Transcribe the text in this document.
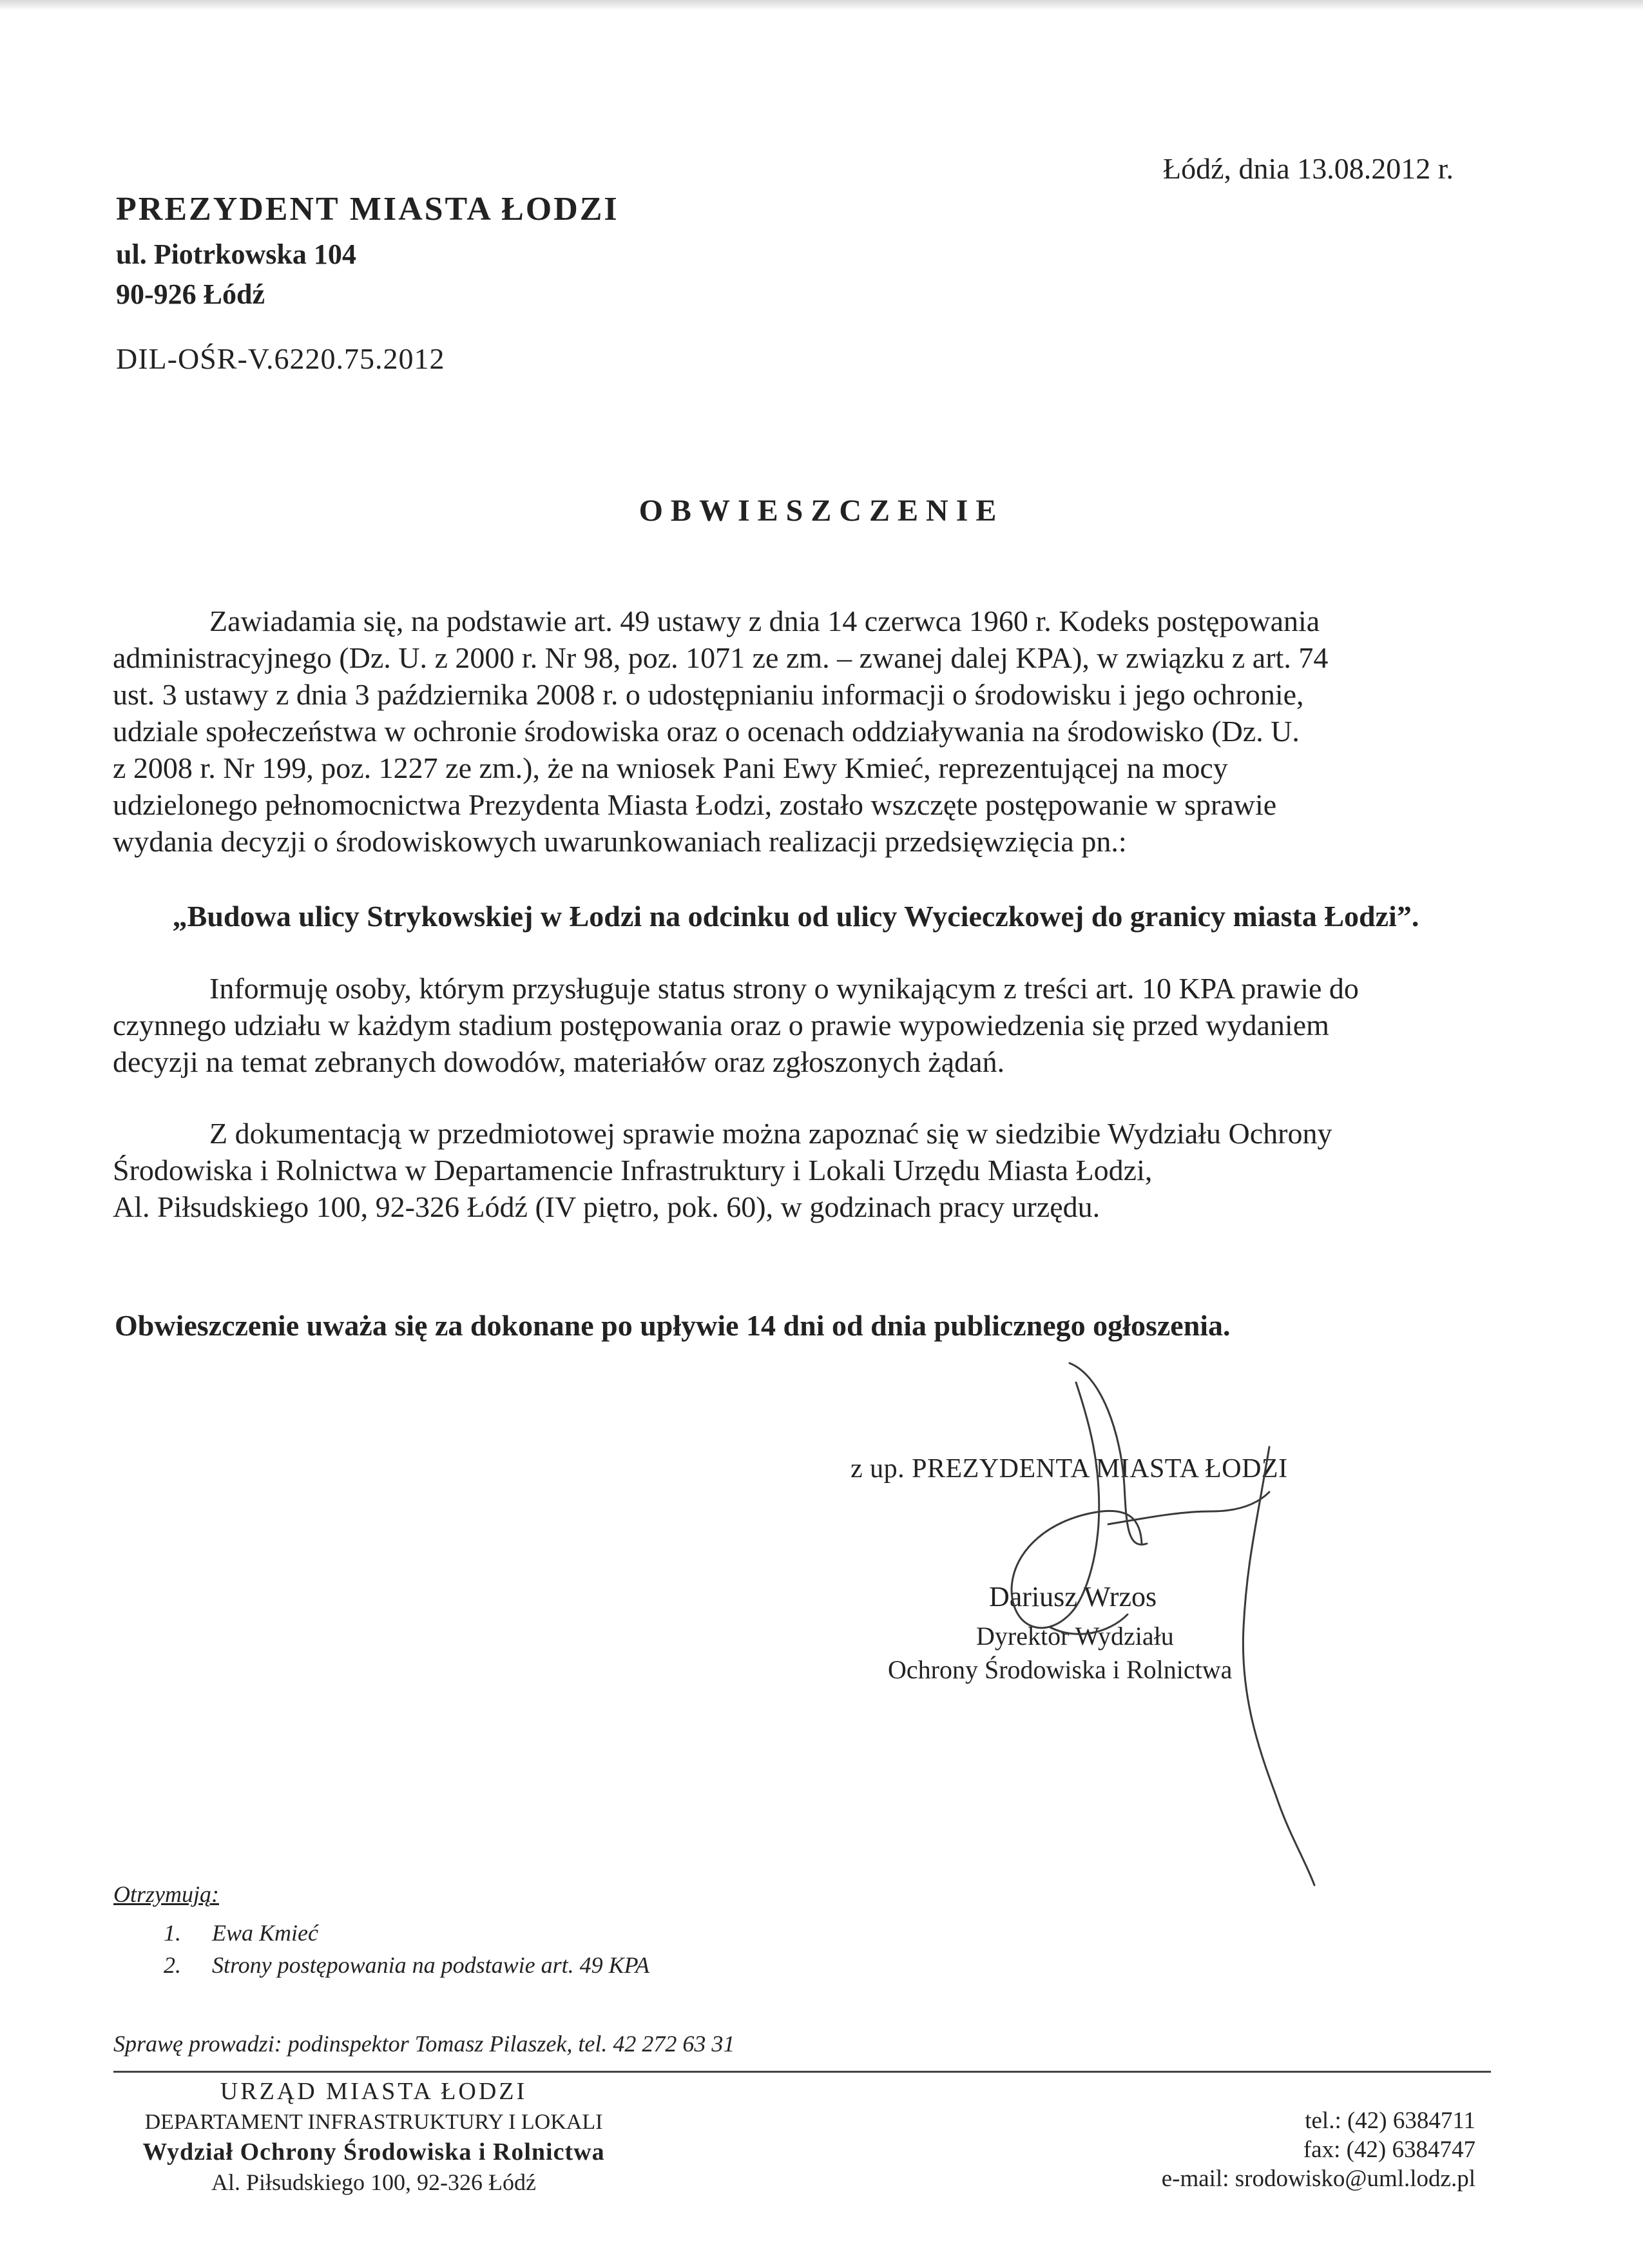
Łódź, dnia 13.08.2012 r.
PREZYDENT MIASTA ŁODZI
ul. Piotrkowska 104
90-926 Łódź
DIL-OŚR-V.6220.75.2012
OBWIESZCZENIE
Zawiadamia się, na podstawie art. 49 ustawy z dnia 14 czerwca 1960 r. Kodeks postępowania
administracyjnego (Dz. U. z 2000 r. Nr 98, poz. 1071 ze zm. – zwanej dalej KPA), w związku z art. 74
ust. 3 ustawy z dnia 3 października 2008 r. o udostępnianiu informacji o środowisku i jego ochronie,
udziale społeczeństwa w ochronie środowiska oraz o ocenach oddziaływania na środowisko (Dz. U.
z 2008 r. Nr 199, poz. 1227 ze zm.), że na wniosek Pani Ewy Kmieć, reprezentującej na mocy
udzielonego pełnomocnictwa Prezydenta Miasta Łodzi, zostało wszczęte postępowanie w sprawie
wydania decyzji o środowiskowych uwarunkowaniach realizacji przedsięwzięcia pn.:
„Budowa ulicy Strykowskiej w Łodzi na odcinku od ulicy Wycieczkowej do granicy miasta Łodzi”.
Informuję osoby, którym przysługuje status strony o wynikającym z treści art. 10 KPA prawie do
czynnego udziału w każdym stadium postępowania oraz o prawie wypowiedzenia się przed wydaniem
decyzji na temat zebranych dowodów, materiałów oraz zgłoszonych żądań.
Z dokumentacją w przedmiotowej sprawie można zapoznać się w siedzibie Wydziału Ochrony
Środowiska i Rolnictwa w Departamencie Infrastruktury i Lokali Urzędu Miasta Łodzi,
Al. Piłsudskiego 100, 92-326 Łódź (IV piętro, pok. 60), w godzinach pracy urzędu.
Obwieszczenie uważa się za dokonane po upływie 14 dni od dnia publicznego ogłoszenia.
z up. PREZYDENTA MIASTA ŁODZI
Dariusz Wrzos
Dyrektor Wydziału
Ochrony Środowiska i Rolnictwa
Otrzymują:
1. Ewa Kmieć
2. Strony postępowania na podstawie art. 49 KPA
Sprawę prowadzi: podinspektor Tomasz Pilaszek, tel. 42 272 63 31
URZĄD MIASTA ŁODZI
DEPARTAMENT INFRASTRUKTURY I LOKALI
Wydział Ochrony Środowiska i Rolnictwa
Al. Piłsudskiego 100, 92-326 Łódź
tel.: (42) 6384711
fax: (42) 6384747
e-mail: srodowisko@uml.lodz.pl
